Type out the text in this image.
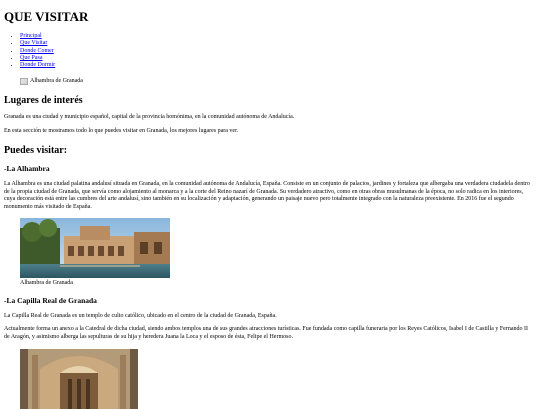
QUE VISITAR
• Principal
• Que Visitar
• Donde Comer
• Que Pasa
• Donde Dormir
Alhambra de Granada
Lugares de interés

Granada es una ciudad y municipio español, capital de la provincia homónima, en la comunidad autónoma de Andalucía.

En esta sección te mostramos todo lo que puedes visitar en Granada, los mejores lugares para ver.

Puedes visitar:
-La Alhambra

La Alhambra es una ciudad palatina andalusí situada en Granada, en la comunidad autónoma de Andalucía, España. Consiste en un conjunto de palacios, jardines y fortaleza que albergaba una verdadera ciudadela dentro de la propia ciudad de Granada, que servía como alojamiento al monarca y a la corte del Reino nazarí de Granada. Su verdadero atractivo, como en otras obras musulmanas de la época, no solo radica en los interiores, cuya decoración está entre las cumbres del arte andalusí, sino también en su localización y adaptación, generando un paisaje nuevo pero totalmente integrado con la naturaleza preexistente. En 2016 fue el segundo monumento más visitado de España.

Alhambra de Granada
-La Capilla Real de Granada

La Capilla Real de Granada es un templo de culto católico, ubicado en el centro de la ciudad de Granada, España.

Actualmente forma un anexo a la Catedral de dicha ciudad, siendo ambos templos una de sus grandes atracciones turísticas. Fue fundada como capilla funeraria por los Reyes Católicos, Isabel I de Castilla y Fernando II de Aragón, y asimismo alberga las sepulturas de su hija y heredera Juana la Loca y el esposo de ésta, Felipe el Hermoso.
